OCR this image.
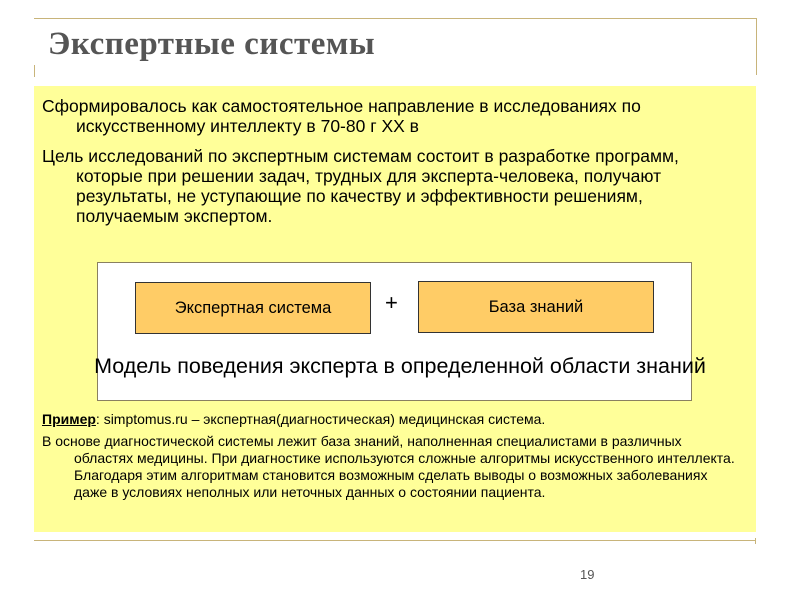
Экспертные системы
Сформировалось как самостоятельное направление в исследованиях по искусственному интеллекту в 70-80 г XX в
Цель исследований по экспертным системам состоит в разработке программ, которые при решении задач, трудных для эксперта-человека, получают результаты, не уступающие по качеству и эффективности решениям, получаемым экспертом.
Экспертная система +	База знаний
Модель поведения эксперта в определенной области знаний
Пример: simptomus.ru – экспертная(диагностическая) медицинская система.
В основе диагностической системы лежит база знаний, наполненная специалистами в различных областях медицины. При диагностике используются сложные алгоритмы искусственного интеллекта. Благодаря этим алгоритмам становится возможным сделать выводы о возможных заболеваниях даже в условиях неполных или неточных данных о состоянии пациента.
19
